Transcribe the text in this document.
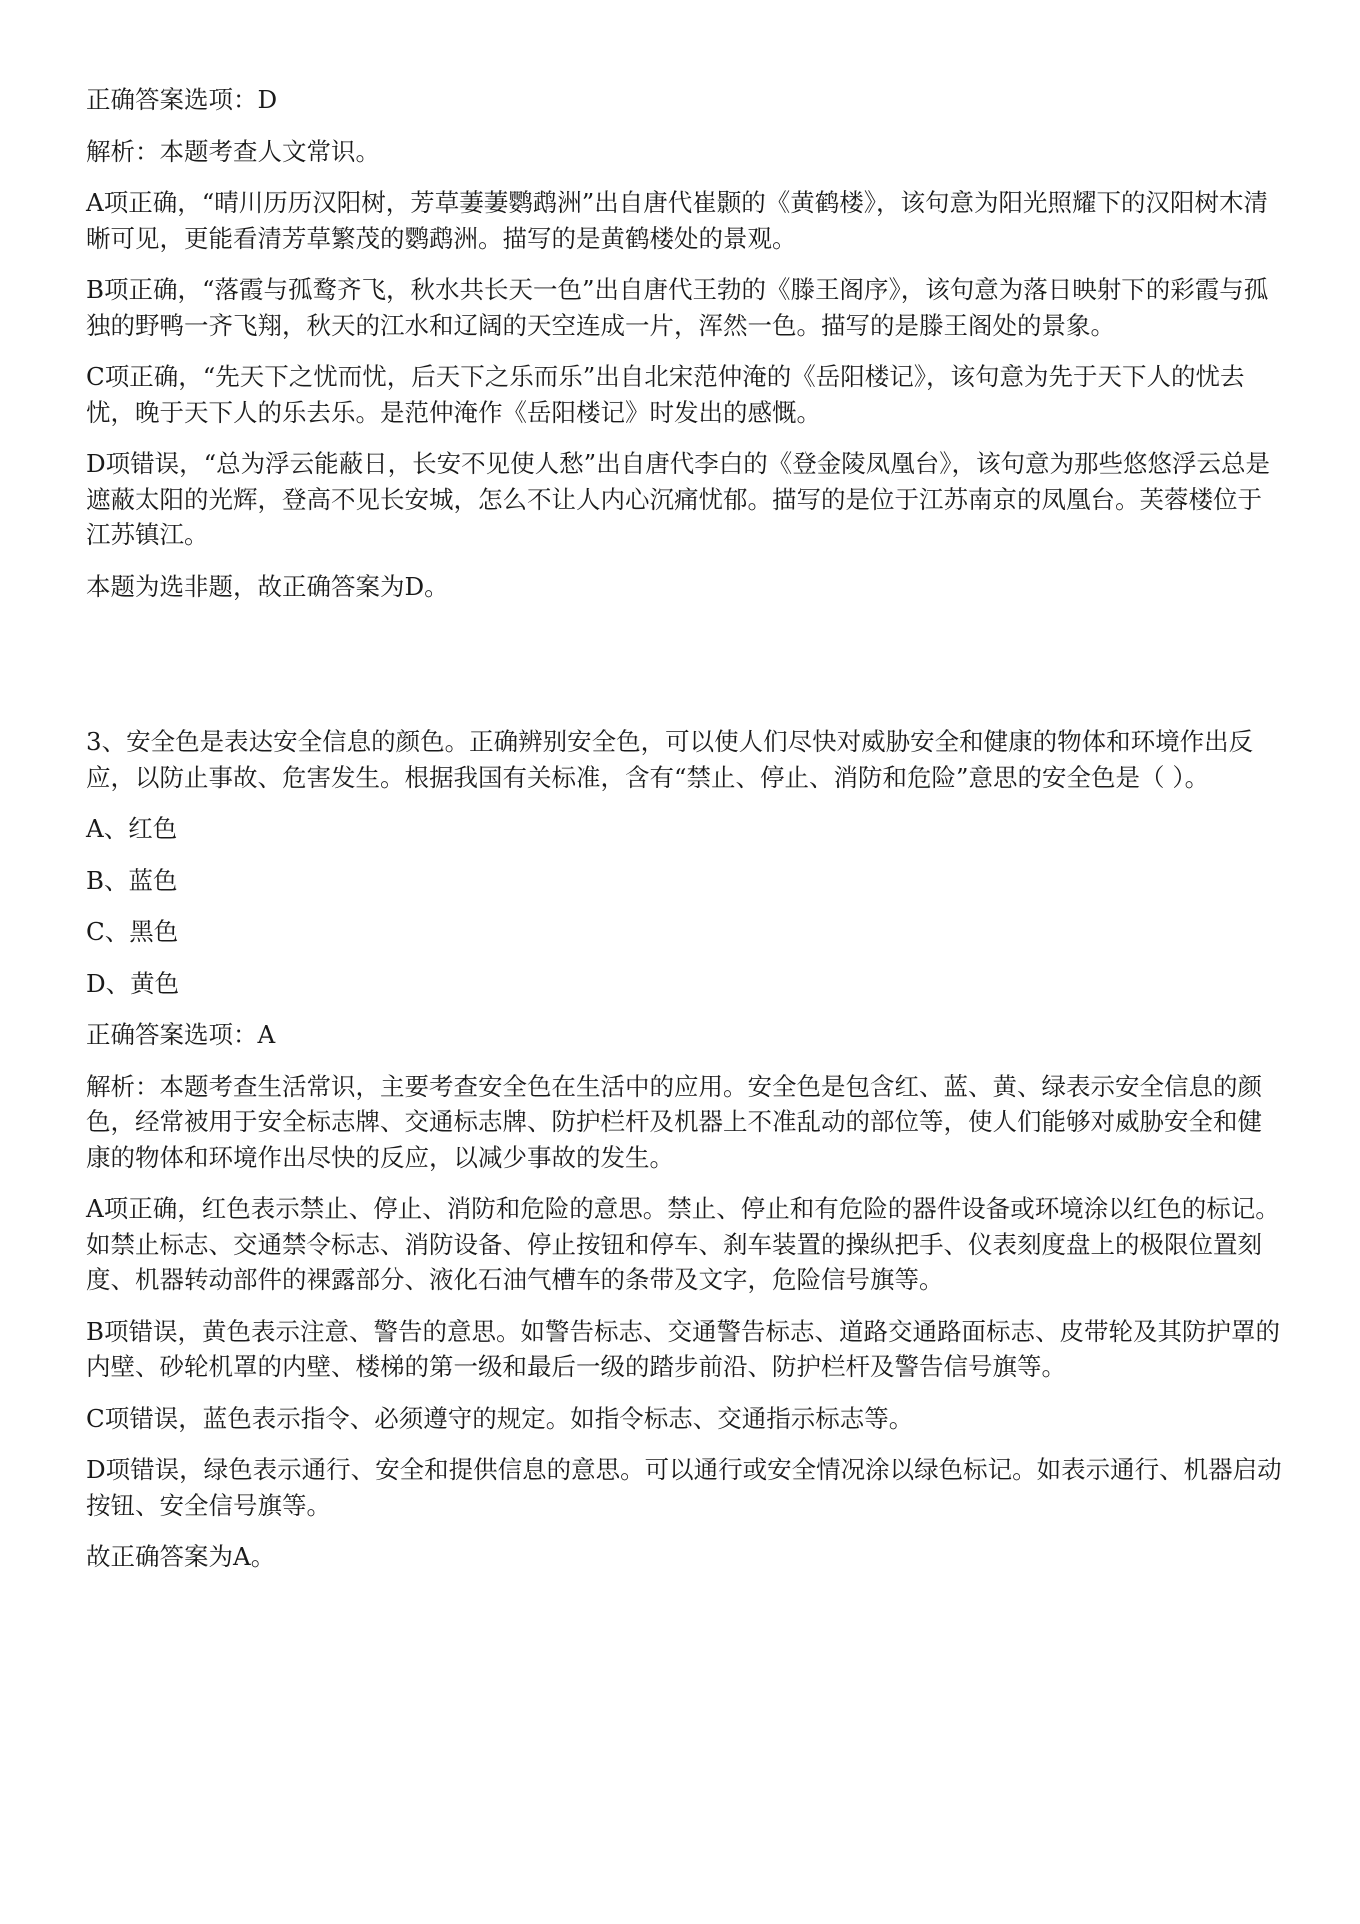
正确答案选项：D

解析：本题考查人文常识。

A项正确，“晴川历历汉阳树，芳草萋萋鹦鹉洲”出自唐代崔颢的《黄鹤楼》，该句意为阳光照耀下的汉阳树木清晰可见，更能看清芳草繁茂的鹦鹉洲。描写的是黄鹤楼处的景观。

B项正确，“落霞与孤鹜齐飞，秋水共长天一色”出自唐代王勃的《滕王阁序》，该句意为落日映射下的彩霞与孤独的野鸭一齐飞翔，秋天的江水和辽阔的天空连成一片，浑然一色。描写的是滕王阁处的景象。

C项正确，“先天下之忧而忧，后天下之乐而乐”出自北宋范仲淹的《岳阳楼记》，该句意为先于天下人的忧去忧，晚于天下人的乐去乐。是范仲淹作《岳阳楼记》时发出的感慨。

D项错误，“总为浮云能蔽日，长安不见使人愁”出自唐代李白的《登金陵凤凰台》，该句意为那些悠悠浮云总是遮蔽太阳的光辉，登高不见长安城，怎么不让人内心沉痛忧郁。描写的是位于江苏南京的凤凰台。芙蓉楼位于江苏镇江。

本题为选非题，故正确答案为D。

3、安全色是表达安全信息的颜色。正确辨别安全色，可以使人们尽快对威胁安全和健康的物体和环境作出反应，以防止事故、危害发生。根据我国有关标准，含有“禁止、停止、消防和危险”意思的安全色是（ ）。

A、红色

B、蓝色

C、黑色

D、黄色

正确答案选项：A

解析：本题考查生活常识，主要考查安全色在生活中的应用。安全色是包含红、蓝、黄、绿表示安全信息的颜色，经常被用于安全标志牌、交通标志牌、防护栏杆及机器上不准乱动的部位等，使人们能够对威胁安全和健康的物体和环境作出尽快的反应，以减少事故的发生。

A项正确，红色表示禁止、停止、消防和危险的意思。禁止、停止和有危险的器件设备或环境涂以红色的标记。如禁止标志、交通禁令标志、消防设备、停止按钮和停车、刹车装置的操纵把手、仪表刻度盘上的极限位置刻度、机器转动部件的裸露部分、液化石油气槽车的条带及文字，危险信号旗等。

B项错误，黄色表示注意、警告的意思。如警告标志、交通警告标志、道路交通路面标志、皮带轮及其防护罩的内壁、砂轮机罩的内壁、楼梯的第一级和最后一级的踏步前沿、防护栏杆及警告信号旗等。

C项错误，蓝色表示指令、必须遵守的规定。如指令标志、交通指示标志等。

D项错误，绿色表示通行、安全和提供信息的意思。可以通行或安全情况涂以绿色标记。如表示通行、机器启动按钮、安全信号旗等。

故正确答案为A。
